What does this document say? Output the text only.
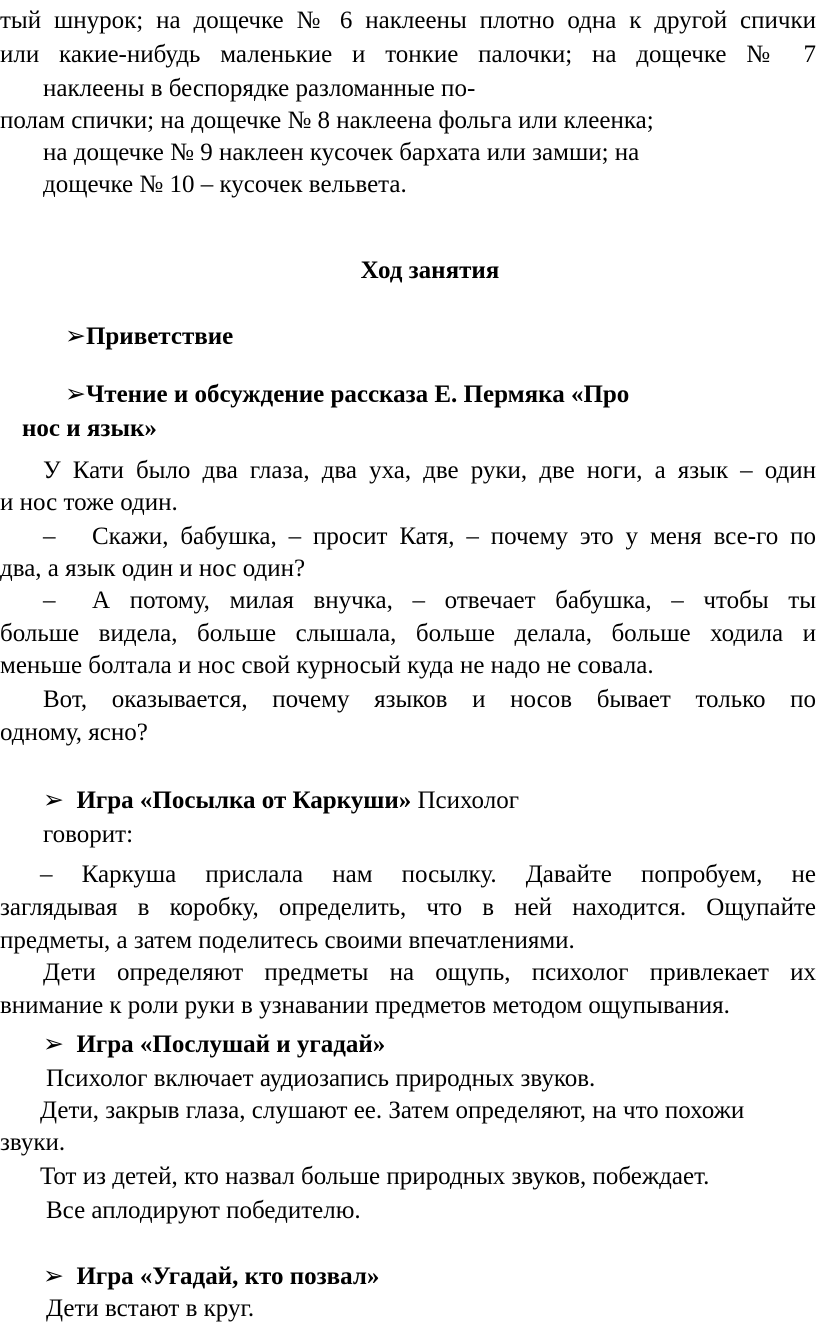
тый шнурок; на дощечке № 6 наклеены плотно одна к другой спички
или какие-нибудь маленькие и тонкие палочки; на дощечке № 7
наклеены в беспорядке разломанные по-
полам спички; на дощечке № 8 наклеена фольга или клеенка;
на дощечке № 9 наклеен кусочек бархата или замши; на
дощечке № 10 – кусочек вельвета.
Ход занятия
➢Приветствие
➢Чтение и обсуждение рассказа Е. Пермяка «Про
нос и язык»
У Кати было два глаза, два уха, две руки, две ноги, а язык – один
и нос тоже один.
–	Скажи, бабушка, – просит Катя, – почему это у меня все-го по
два, а язык один и нос один?
–	А потому, милая внучка, – отвечает бабушка, – чтобы ты
больше видела, больше слышала, больше делала, больше ходила и
меньше болтала и нос свой курносый куда не надо не совала.
Вот, оказывается, почему языков и носов бывает только по
одному, ясно?
➢ Игра «Посылка от Каркуши» Психолог
говорит:
– Каркуша прислала нам посылку. Давайте попробуем, не
заглядывая в коробку, определить, что в ней находится. Ощупайте
предметы, а затем поделитесь своими впечатлениями.
Дети определяют предметы на ощупь, психолог привлекает их
внимание к роли руки в узнавании предметов методом ощупывания.
➢ Игра «Послушай и угадай»
Психолог включает аудиозапись природных звуков.
Дети, закрыв глаза, слушают ее. Затем определяют, на что похожи
звуки.
Тот из детей, кто назвал больше природных звуков, побеждает.
Все аплодируют победителю.
➢ Игра «Угадай, кто позвал»
Дети встают в круг.
